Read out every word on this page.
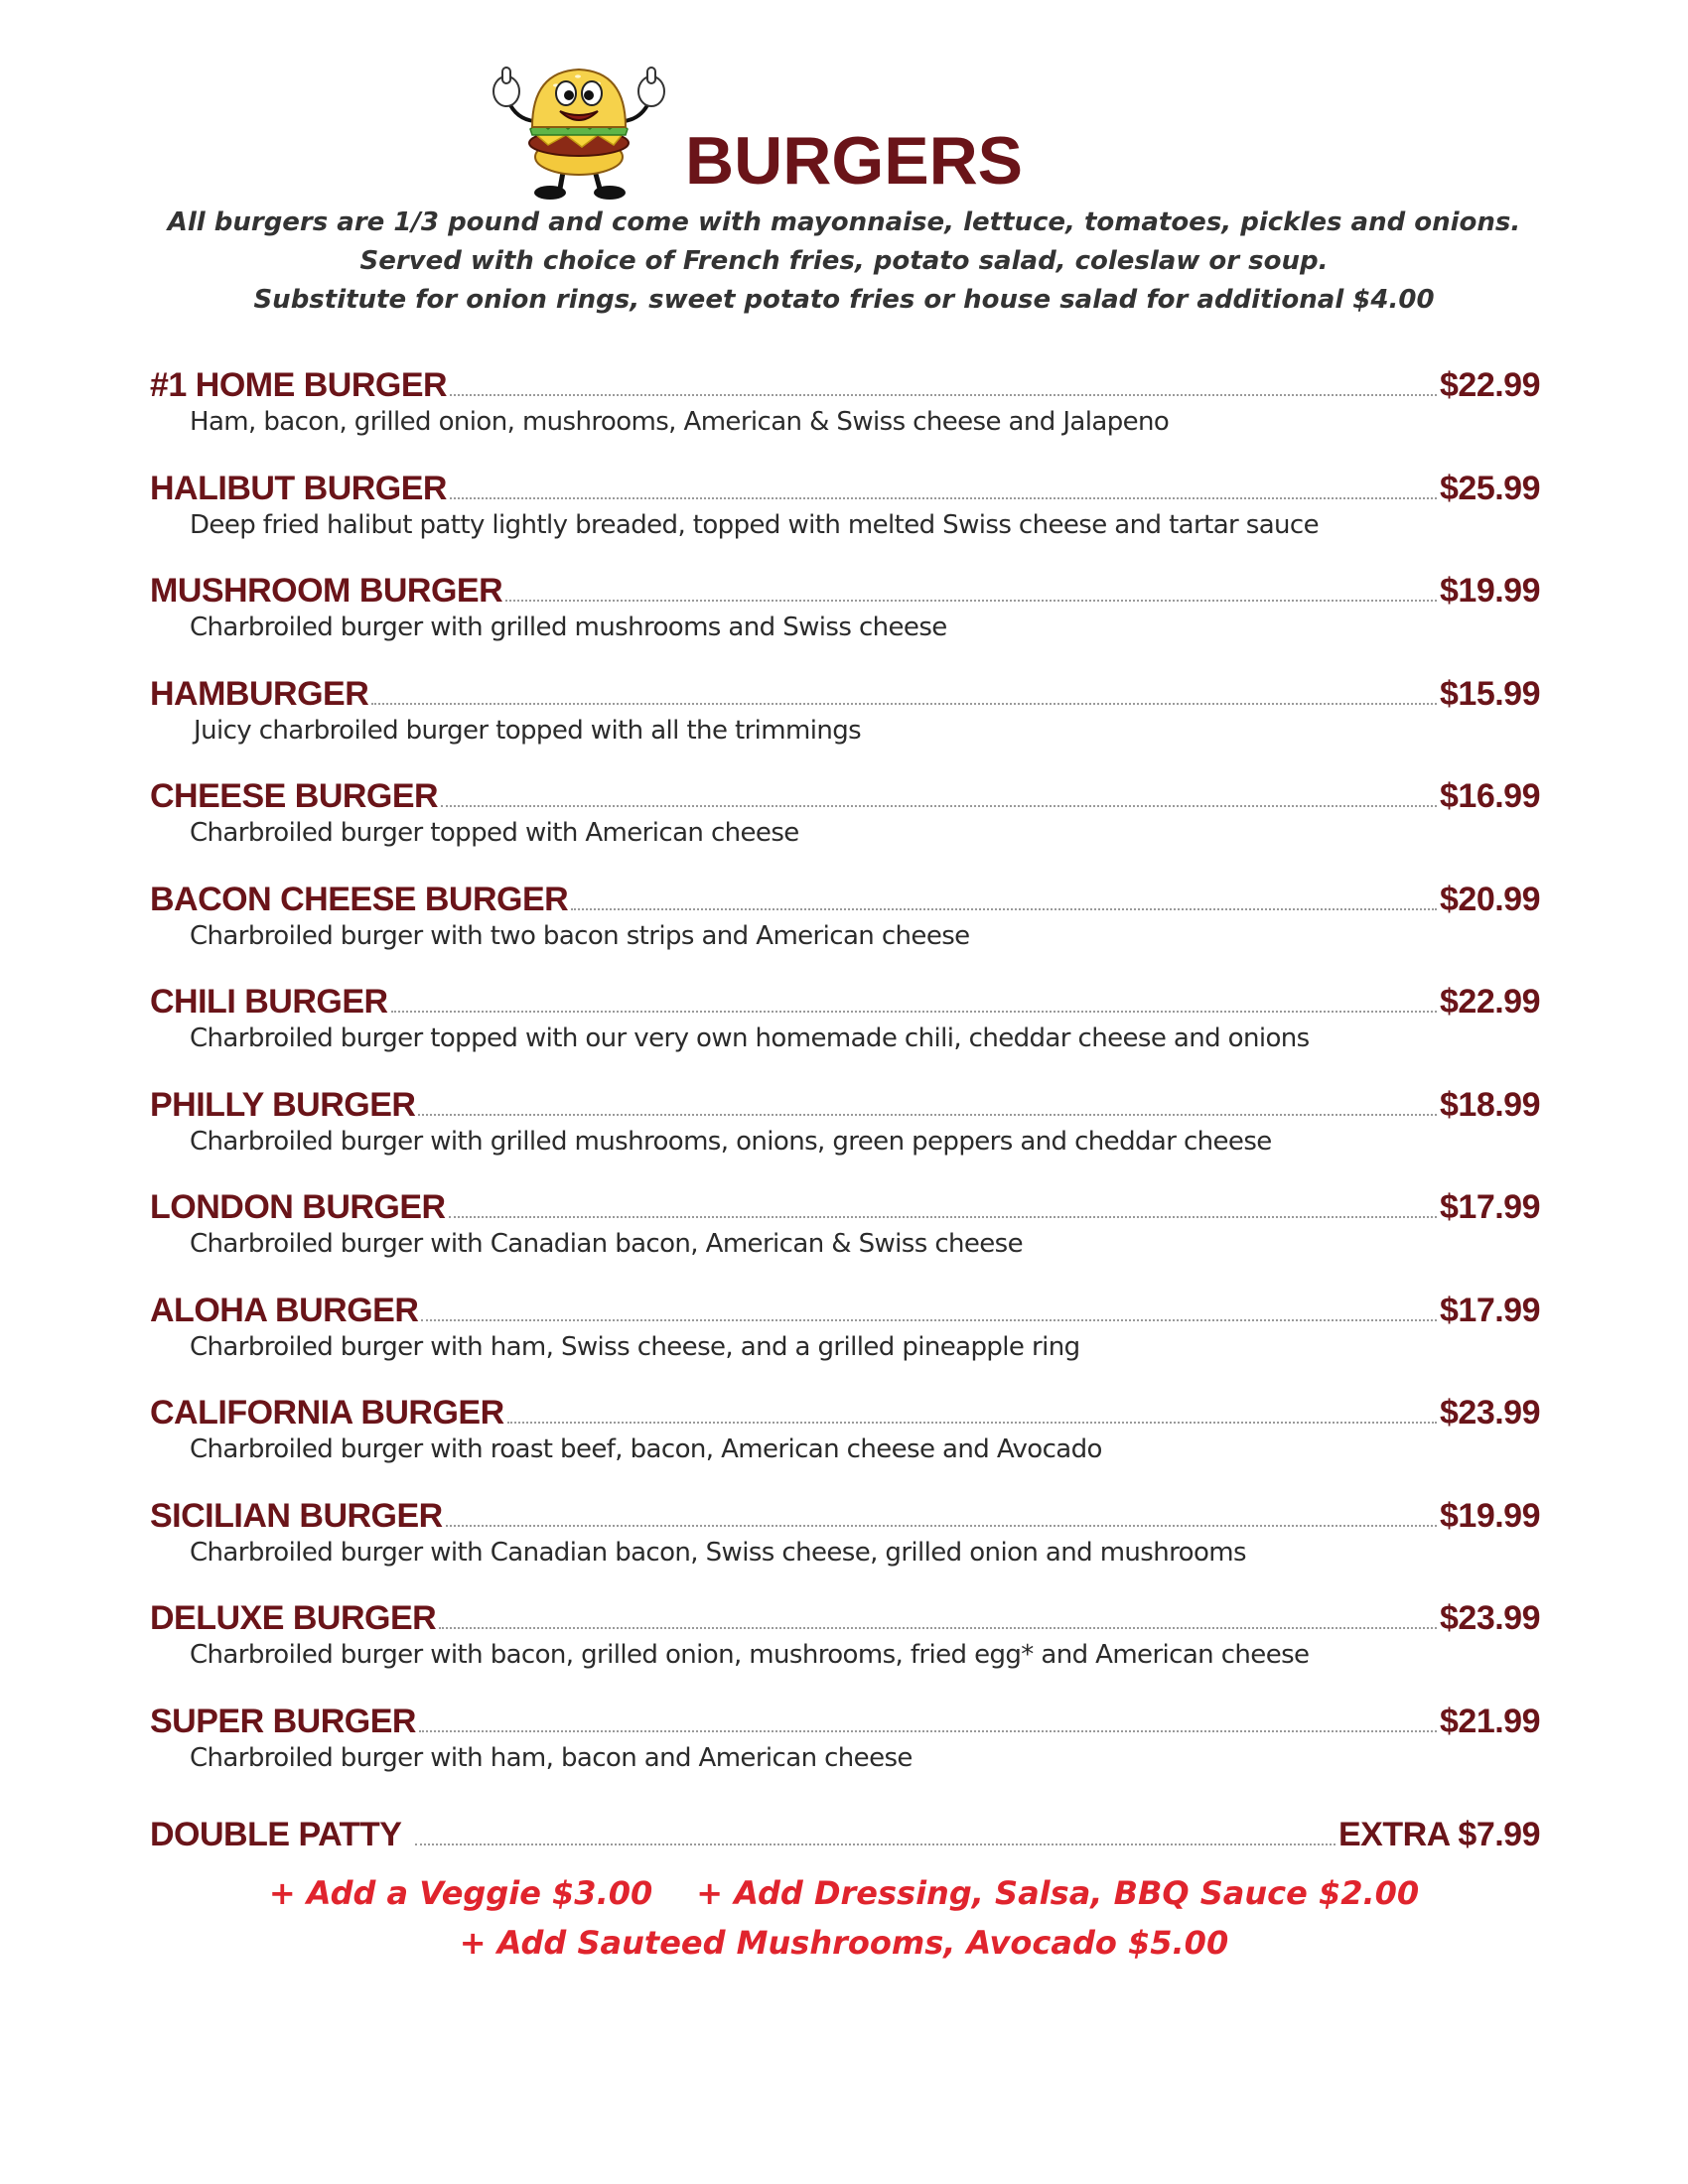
BURGERS
All burgers are 1/3 pound and come with mayonnaise, lettuce, tomatoes, pickles and onions.
Served with choice of French fries, potato salad, coleslaw or soup.
Substitute for onion rings, sweet potato fries or house salad for additional $4.00
#1 HOME BURGER	$22.99
Ham, bacon, grilled onion, mushrooms, American & Swiss cheese and Jalapeno
HALIBUT BURGER	$25.99
Deep fried halibut patty lightly breaded, topped with melted Swiss cheese and tartar sauce
MUSHROOM BURGER	$19.99
Charbroiled burger with grilled mushrooms and Swiss cheese
HAMBURGER	$15.99
Juicy charbroiled burger topped with all the trimmings
CHEESE BURGER	$16.99
Charbroiled burger topped with American cheese
BACON CHEESE BURGER	$20.99
Charbroiled burger with two bacon strips and American cheese
CHILI BURGER	$22.99
Charbroiled burger topped with our very own homemade chili, cheddar cheese and onions
PHILLY BURGER	$18.99
Charbroiled burger with grilled mushrooms, onions, green peppers and cheddar cheese
LONDON BURGER	$17.99
Charbroiled burger with Canadian bacon, American & Swiss cheese
ALOHA BURGER	$17.99
Charbroiled burger with ham, Swiss cheese, and a grilled pineapple ring
CALIFORNIA BURGER	$23.99
Charbroiled burger with roast beef, bacon, American cheese and Avocado
SICILIAN BURGER	$19.99
Charbroiled burger with Canadian bacon, Swiss cheese, grilled onion and mushrooms
DELUXE BURGER	$23.99
Charbroiled burger with bacon, grilled onion, mushrooms, fried egg* and American cheese
SUPER BURGER	$21.99
Charbroiled burger with ham, bacon and American cheese
DOUBLE PATTY	EXTRA $7.99
+ Add a Veggie $3.00 + Add Dressing, Salsa, BBQ Sauce $2.00
+ Add Sauteed Mushrooms, Avocado $5.00
